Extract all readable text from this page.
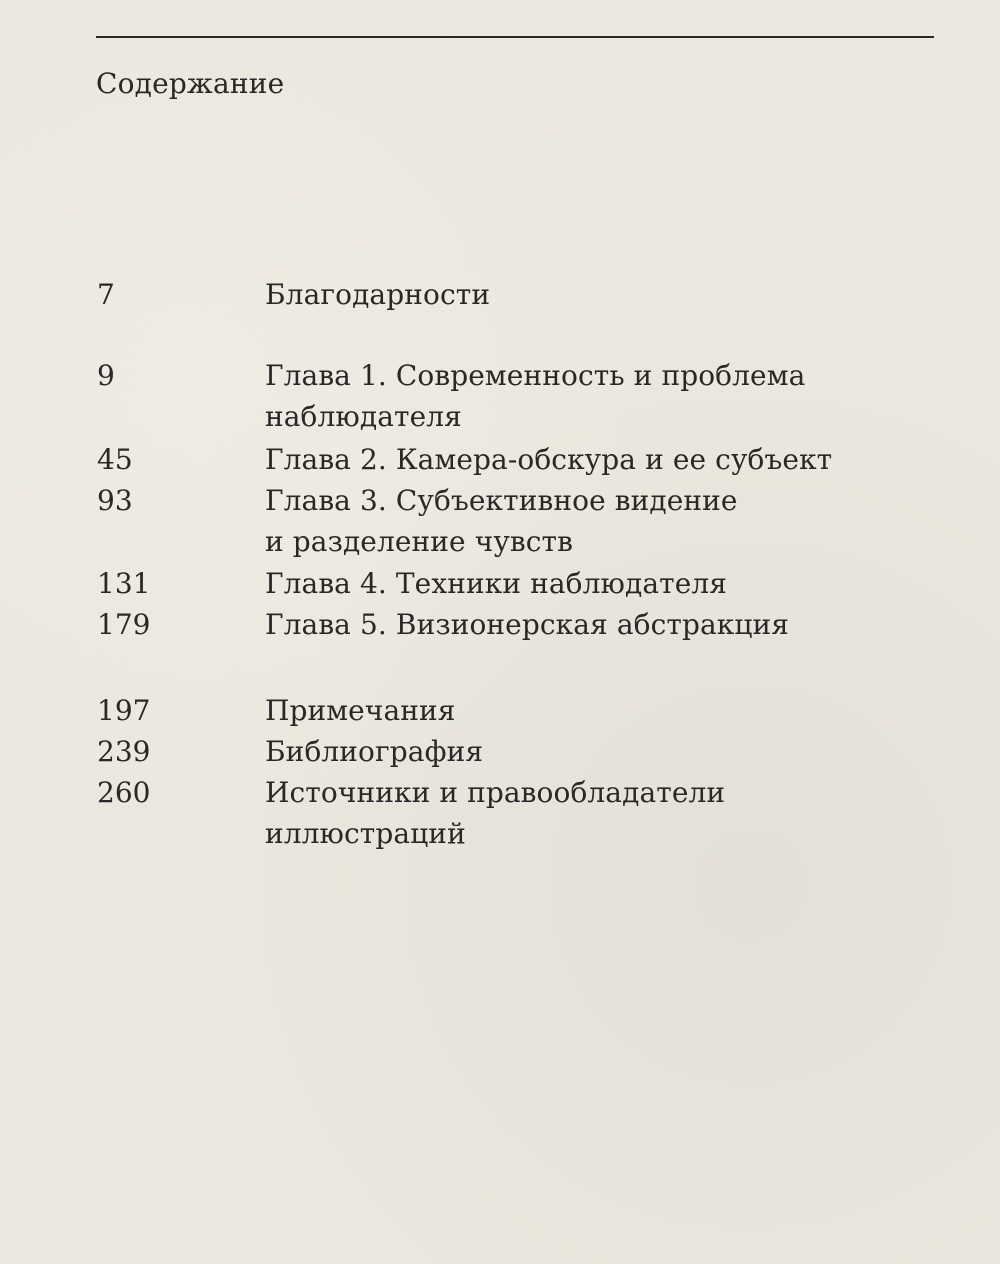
Содержание
7	Благодарности
9	Глава 1. Современность и проблема
наблюдателя
45	Глава 2. Камера-обскура и ее субъект
93	Глава 3. Субъективное видение
и разделение чувств
131	Глава 4. Техники наблюдателя
179	Глава 5. Визионерская абстракция
197	Примечания
239	Библиография
260	Источники и правообладатели
иллюстраций
